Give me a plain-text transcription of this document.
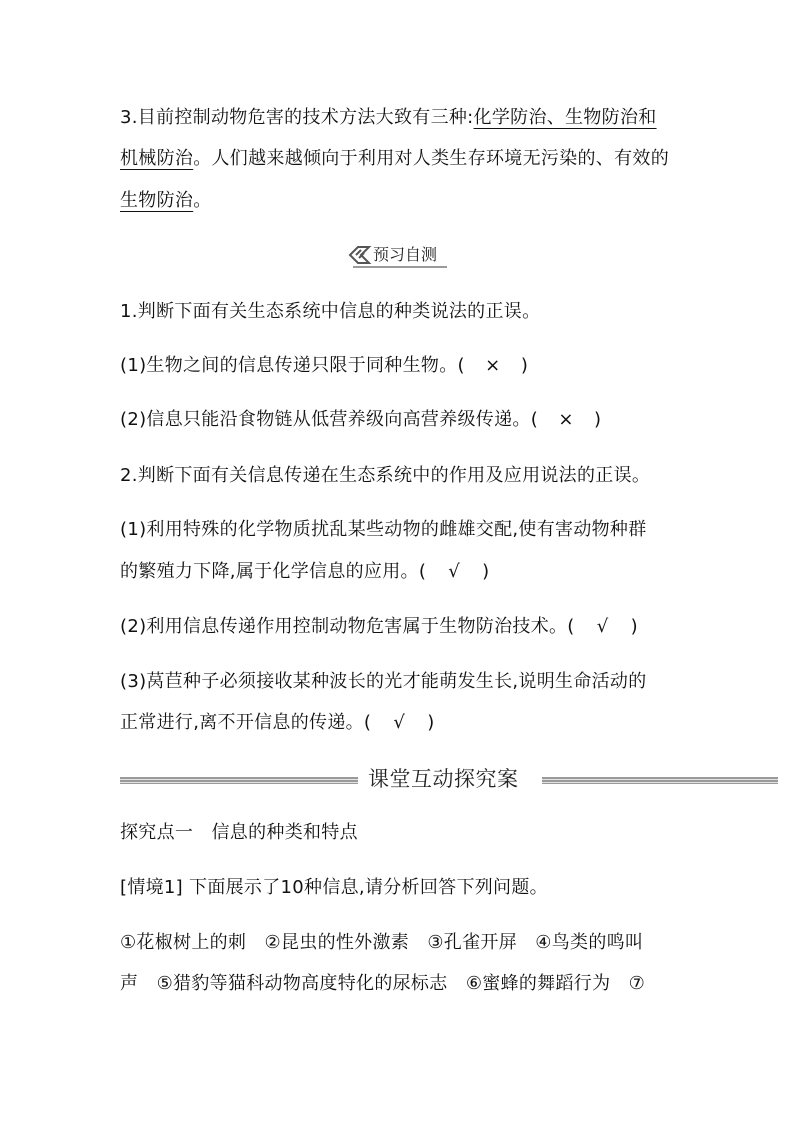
3.目前控制动物危害的技术方法大致有三种:化学防治、生物防治和
机械防治。人们越来越倾向于利用对人类生存环境无污染的、有效的
生物防治。
预习自测
1.判断下面有关生态系统中信息的种类说法的正误。
(1)生物之间的信息传递只限于同种生物。( × )
(2)信息只能沿食物链从低营养级向高营养级传递。( × )
2.判断下面有关信息传递在生态系统中的作用及应用说法的正误。
(1)利用特殊的化学物质扰乱某些动物的雌雄交配,使有害动物种群
的繁殖力下降,属于化学信息的应用。( √ )
(2)利用信息传递作用控制动物危害属于生物防治技术。( √ )
(3)莴苣种子必须接收某种波长的光才能萌发生长,说明生命活动的
正常进行,离不开信息的传递。( √ )
课堂互动探究案
探究点一　信息的种类和特点
[情境1] 下面展示了10种信息,请分析回答下列问题。
①花椒树上的刺　②昆虫的性外激素　③孔雀开屏　④鸟类的鸣叫
声　⑤猎豹等猫科动物高度特化的尿标志　⑥蜜蜂的舞蹈行为　⑦
